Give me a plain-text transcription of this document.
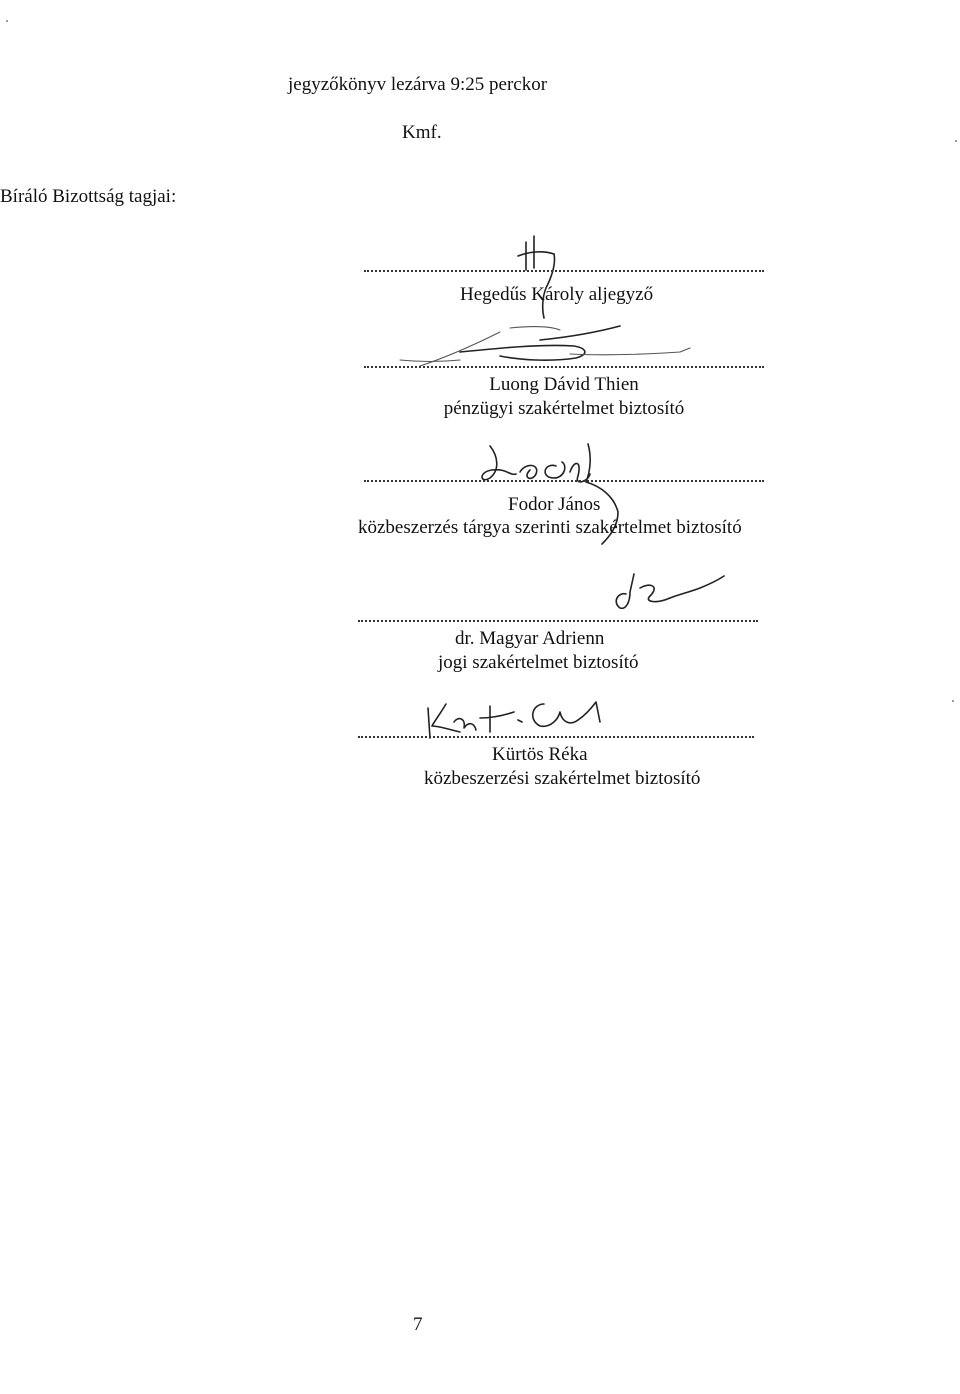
jegyzőkönyv lezárva 9:25 perckor
Kmf.
Bíráló Bizottság tagjai:
Hegedűs Károly aljegyző
Luong Dávid Thien
pénzügyi szakértelmet biztosító
Fodor János
közbeszerzés tárgya szerinti szakértelmet biztosító
dr. Magyar Adrienn
jogi szakértelmet biztosító
Kürtös Réka
közbeszerzési szakértelmet biztosító
7
